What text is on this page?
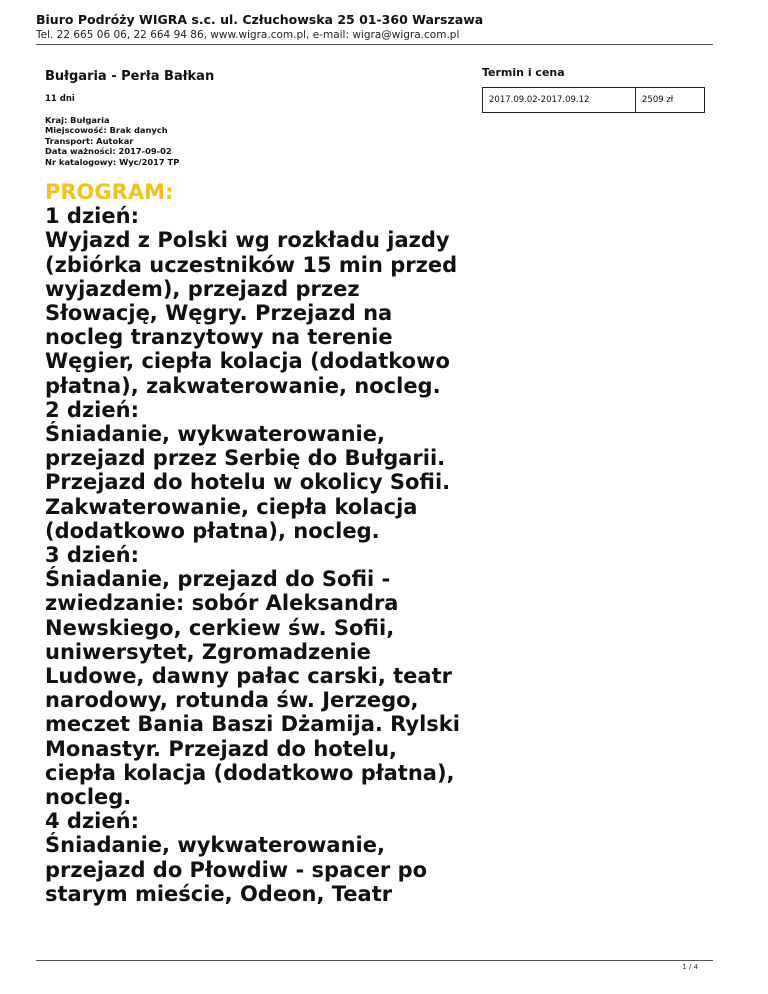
Biuro Podróży WIGRA s.c. ul. Człuchowska 25 01-360 Warszawa
Tel. 22 665 06 06, 22 664 94 86, www.wigra.com.pl, e-mail: wigra@wigra.com.pl
Bułgaria - Perła Bałkan
11 dni
Kraj: Bułgaria
Miejscowość: Brak danych
Transport: Autokar
Data ważności: 2017-09-02
Nr katalogowy: Wyc/2017 TP
Termin i cena
2017.09.02-2017.09.12	2509 zł

PROGRAM:

1 dzień:

Wyjazd z Polski wg rozkładu jazdy (zbiórka uczestników 15 min przed wyjazdem), przejazd przez Słowację, Węgry. Przejazd na nocleg tranzytowy na terenie Węgier, ciepła kolacja (dodatkowo płatna), zakwaterowanie, nocleg.

2 dzień:

Śniadanie, wykwaterowanie, przejazd przez Serbię do Bułgarii. Przejazd do hotelu w okolicy Sofii. Zakwaterowanie, ciepła kolacja (dodatkowo płatna), nocleg.

3 dzień:

Śniadanie, przejazd do Sofii - zwiedzanie: sobór Aleksandra Newskiego, cerkiew św. Sofii, uniwersytet, Zgromadzenie Ludowe, dawny pałac carski, teatr narodowy, rotunda św. Jerzego, meczet Bania Baszi Dżamija. Rylski Monastyr. Przejazd do hotelu, ciepła kolacja (dodatkowo płatna), nocleg.

4 dzień:

Śniadanie, wykwaterowanie, przejazd do Płowdiw - spacer po starym mieście, Odeon, Teatr

1 / 4
